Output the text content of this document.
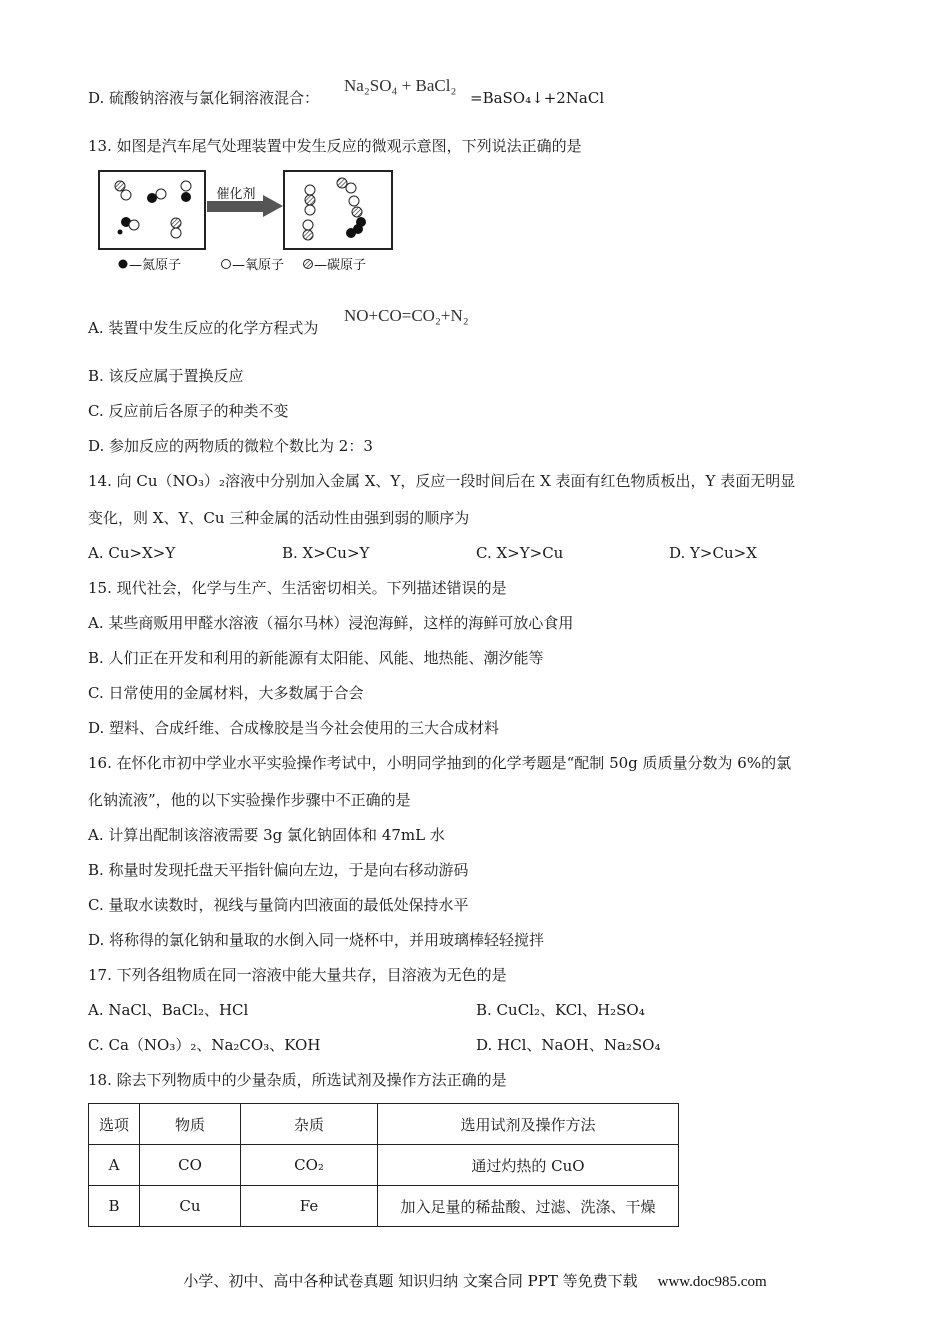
D. 硫酸钠溶液与氯化铜溶液混合：
Na₂SO₄ + BaCl₂
=BaSO₄↓+2NaCl
13. 如图是汽车尾气处理装置中发生反应的微观示意图，下列说法正确的是
催化剂
—氮原子	—氧原子 —碳原子
A. 装置中发生反应的化学方程式为
NO+CO=CO₂+N₂
B. 该反应属于置换反应
C. 反应前后各原子的种类不变
D. 参加反应的两物质的微粒个数比为 2：3
14. 向 Cu（NO₃）₂溶液中分别加入金属 X、Y，反应一段时间后在 X 表面有红色物质板出，Y 表面无明显
变化，则 X、Y、Cu 三种金属的活动性由强到弱的顺序为
A. Cu>X>Y	B. X>Cu>Y	C. X>Y>Cu	D. Y>Cu>X
15. 现代社会，化学与生产、生活密切相关。下列描述错误的是
A. 某些商贩用甲醛水溶液（福尔马林）浸泡海鲜，这样的海鲜可放心食用
B. 人们正在开发和利用的新能源有太阳能、风能、地热能、潮汐能等
C. 日常使用的金属材料，大多数属于合会
D. 塑料、合成纤维、合成橡胶是当今社会使用的三大合成材料
16. 在怀化市初中学业水平实验操作考试中，小明同学抽到的化学考题是“配制 50g 质质量分数为 6%的氯
化钠流液”，他的以下实验操作步骤中不正确的是
A. 计算出配制该溶液需要 3g 氯化钠固体和 47mL 水
B. 称量时发现托盘天平指针偏向左边，于是向右移动游码
C. 量取水读数时，视线与量筒内凹液面的最低处保持水平
D. 将称得的氯化钠和量取的水倒入同一烧杯中，并用玻璃棒轻轻搅拌
17. 下列各组物质在同一溶液中能大量共存，目溶液为无色的是
A. NaCl、BaCl₂、HCl	B. CuCl₂、KCl、H₂SO₄
C. Ca（NO₃）₂、Na₂CO₃、KOH	D. HCl、NaOH、Na₂SO₄
18. 除去下列物质中的少量杂质，所选试剂及操作方法正确的是
选项	物质	杂质	选用试剂及操作方法
A	CO	CO₂	通过灼热的 CuO
B	Cu	Fe	加入足量的稀盐酸、过滤、洗涤、干燥
小学、初中、高中各种试卷真题 知识归纳 文案合同 PPT 等免费下载 www.doc985.com
